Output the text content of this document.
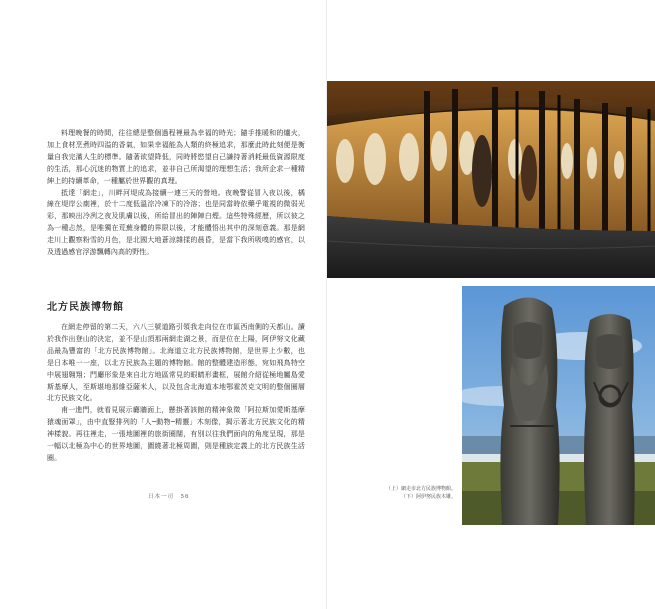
料理晚餐的時間，往往總是整個過程裡最為幸福的時光；隨手推暖和的爐火，加上食材烹煮時四溢的香氣，如果幸福能為人類的終極追求，那麼此時此刻便是衡量自我完滿人生的標準。隨著欲望降低，同時將慾望自己謙持著消耗最低資源限度的生活，那心沉迷的物質上的追求，並非自己所渴望的理想生活；我所企求一種精紳上的持續革命，一種屬於世界觀的真理。

抵達「網走」，川畔河堤成為接續一連三天的營地。夜晚警從冒入夜以後，橘線在堤岸公廁裡，於十二度低溫淙冷凍下的冷溶；也是同當時依藥乎電視的微弱光彩，那映出冷冽之夜及肌膚以後，所給冒出的陣陣白煙。這些特殊經歷，所以彼之為一種忐然，是唯獨在荒蕪身體的界限以後，才能體悟出其中的深刻意義。那是網走川上觀察粉雪的月色，是北國大地蒼涼雜揉的晨昏，是當下我所吸嗅的感官，以及透過感官浮游飄轉內高的野性。

北方民族博物館

在網走停留的第二天，六八三號道路引領我走向位在市區西南側的天都山。讀於我作出登山的決定，並不是山頂那兩網走湖之景，而是位在上陽，阿伊努文化藏品最為豐富的「北方民族博物館」。北海道立北方民族博物館，是世界上少數，也是日本唯一一座，以北方民族為主題的博物館。館的整體建造形態，宛如飛鳥特空中展翅翱翔；門廳形象是來自北方地區常見的眼睛形畫框，展館介紹從極地屬島愛斯基摩人，至斯堪地那維亞薩米人，以及包含北海道本地鄂霍茨克文明的整個圈層北方民族文化。

甫一進門，就看見展示廳牆面上，懸掛著該館的精神象徵「阿拉斯加愛斯基摩猿魂面罩」，由中直豎排列的「人─動物─精靈」木刻像，揭示著北方民族文化的精神樣貌。再往裡走，一張地圖裡的旅街圈闊，有別以往我們面向的角度呈現，那是一幅以北極為中心的世界地圖，圍繞著北極周圍，則是種族定義上的北方民族生活圈。

日本一司　56
（上）網走市北方民族博物館。
（下）阿伊努民族木雕。
